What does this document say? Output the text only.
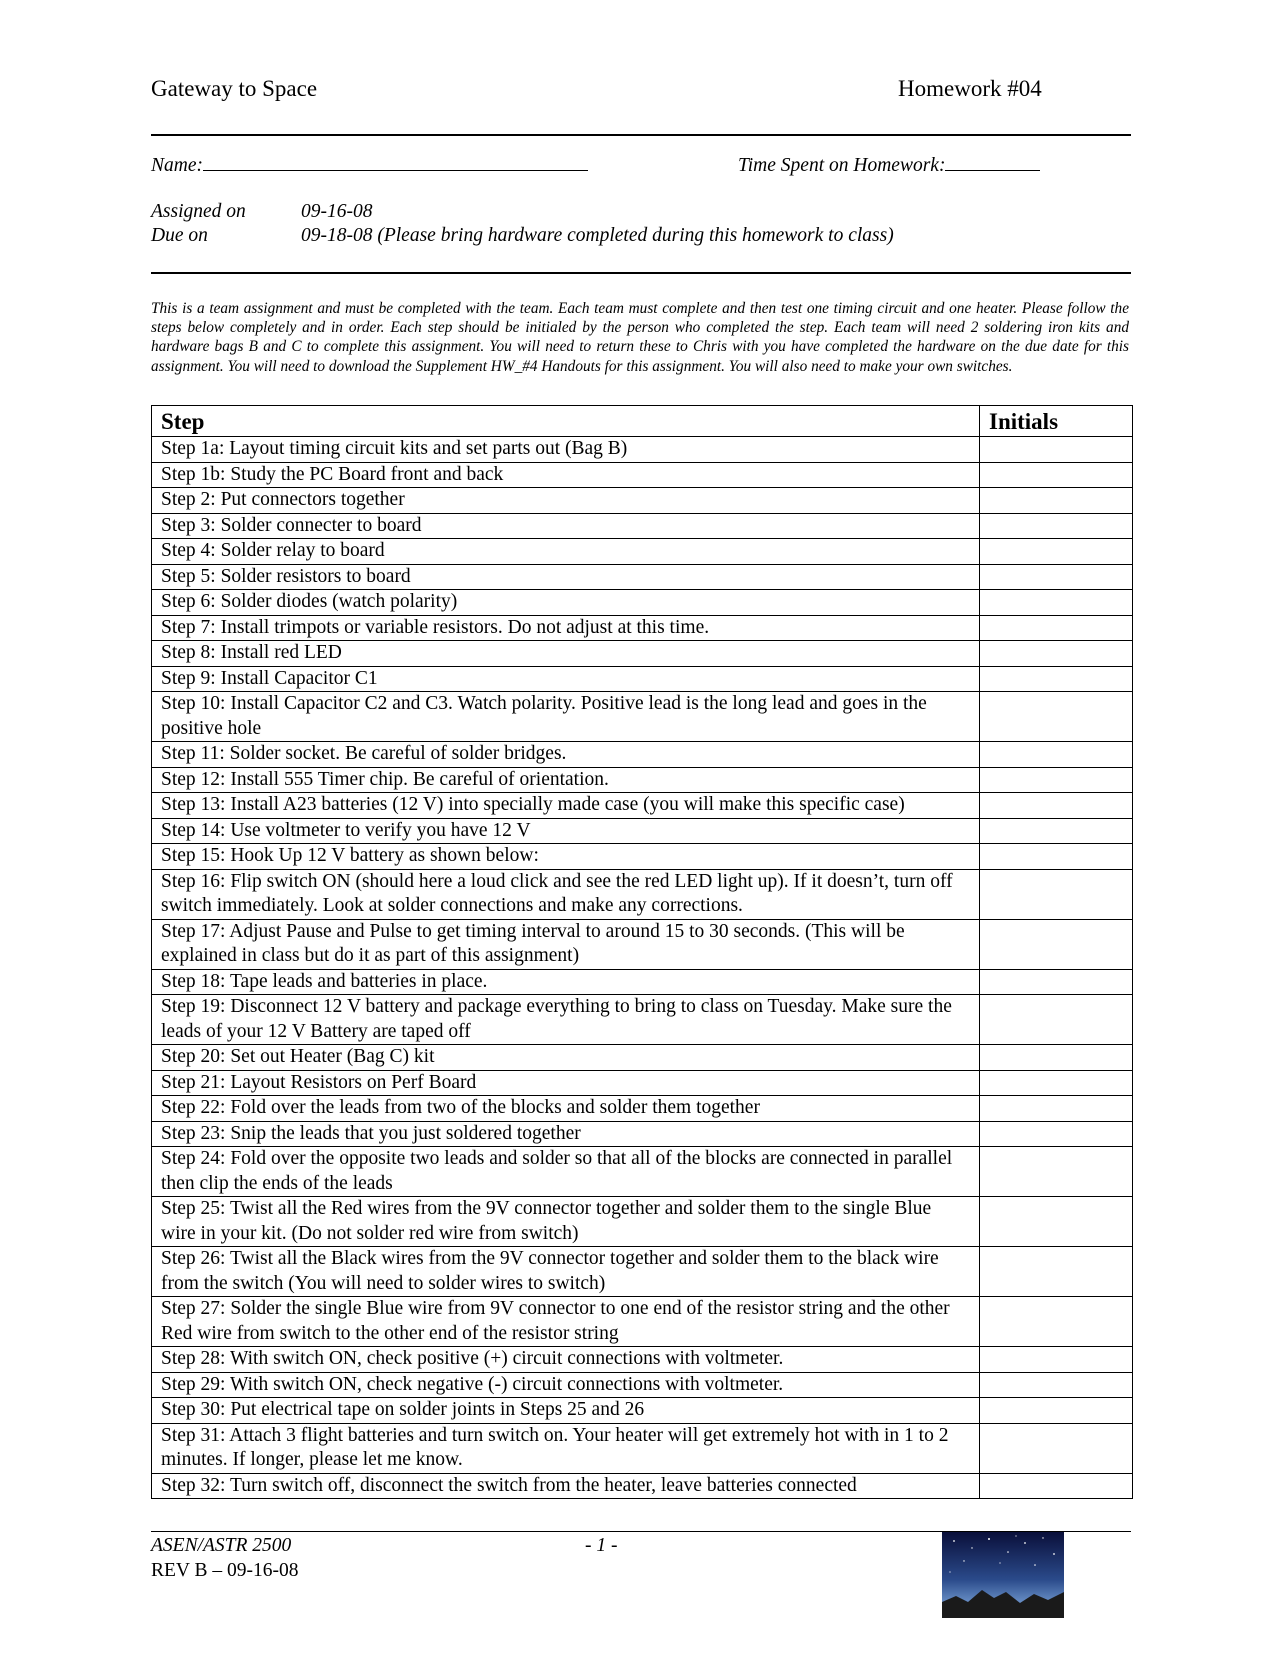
Gateway to Space	Homework #04
Name:	Time Spent on Homework:
Assigned on	09-16-08
Due on	09-18-08 (Please bring hardware completed during this homework to class)
This is a team assignment and must be completed with the team. Each team must complete and then test one timing circuit and one heater. Please follow the steps below completely and in order. Each step should be initialed by the person who completed the step. Each team will need 2 soldering iron kits and hardware bags B and C to complete this assignment. You will need to return these to Chris with you have completed the hardware on the due date for this assignment. You will need to download the Supplement HW_#4 Handouts for this assignment. You will also need to make your own switches.
Step	Initials
Step 1a: Layout timing circuit kits and set parts out (Bag B)	
Step 1b: Study the PC Board front and back	
Step 2: Put connectors together	
Step 3: Solder connecter to board	
Step 4: Solder relay to board	
Step 5: Solder resistors to board	
Step 6: Solder diodes (watch polarity)	
Step 7: Install trimpots or variable resistors. Do not adjust at this time.	
Step 8: Install red LED	
Step 9: Install Capacitor C1	
Step 10: Install Capacitor C2 and C3. Watch polarity. Positive lead is the long lead and goes in the positive hole	
Step 11: Solder socket. Be careful of solder bridges.	
Step 12: Install 555 Timer chip. Be careful of orientation.	
Step 13: Install A23 batteries (12 V) into specially made case (you will make this specific case)	
Step 14: Use voltmeter to verify you have 12 V	
Step 15: Hook Up 12 V battery as shown below:	
Step 16: Flip switch ON (should here a loud click and see the red LED light up). If it doesn’t, turn off switch immediately. Look at solder connections and make any corrections.	
Step 17: Adjust Pause and Pulse to get timing interval to around 15 to 30 seconds. (This will be explained in class but do it as part of this assignment)	
Step 18: Tape leads and batteries in place.	
Step 19: Disconnect 12 V battery and package everything to bring to class on Tuesday. Make sure the leads of your 12 V Battery are taped off	
Step 20: Set out Heater (Bag C) kit	
Step 21: Layout Resistors on Perf Board	
Step 22: Fold over the leads from two of the blocks and solder them together	
Step 23: Snip the leads that you just soldered together	
Step 24: Fold over the opposite two leads and solder so that all of the blocks are connected in parallel then clip the ends of the leads	
Step 25: Twist all the Red wires from the 9V connector together and solder them to the single Blue wire in your kit. (Do not solder red wire from switch)	
Step 26: Twist all the Black wires from the 9V connector together and solder them to the black wire from the switch (You will need to solder wires to switch)	
Step 27: Solder the single Blue wire from 9V connector to one end of the resistor string and the other Red wire from switch to the other end of the resistor string	
Step 28: With switch ON, check positive (+) circuit connections with voltmeter.	
Step 29: With switch ON, check negative (-) circuit connections with voltmeter.	
Step 30: Put electrical tape on solder joints in Steps 25 and 26	
Step 31: Attach 3 flight batteries and turn switch on. Your heater will get extremely hot with in 1 to 2 minutes. If longer, please let me know.	
Step 32: Turn switch off, disconnect the switch from the heater, leave batteries connected	
ASEN/ASTR 2500
REV B – 09-16-08
- 1 -
